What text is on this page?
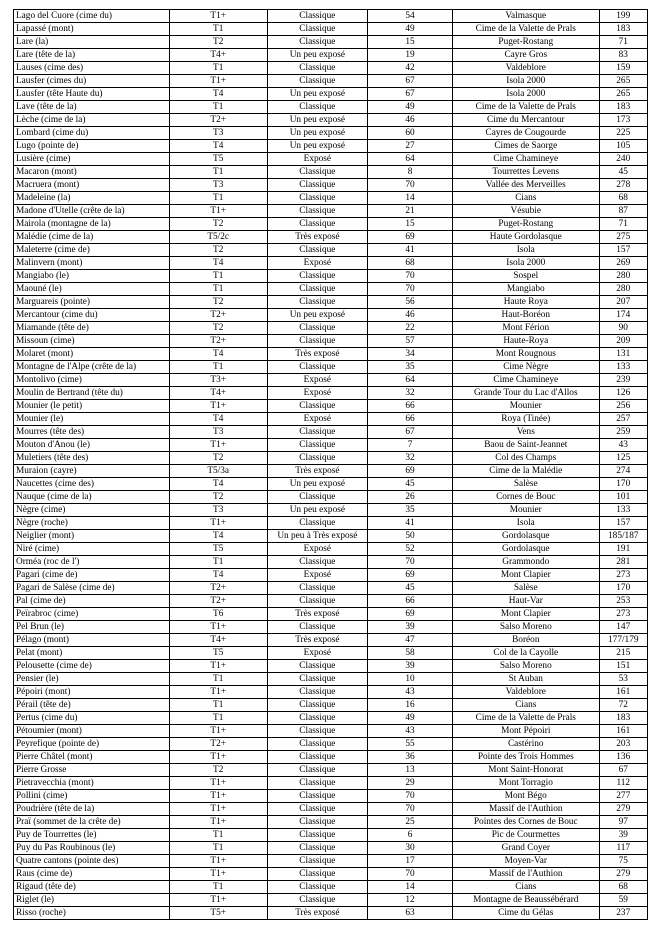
Lago del Cuore (cime du)	T1+	Classique	54	Valmasque	199
Lapassé (mont)	T1	Classique	49	Cime de la Valette de Prals	183
Lare (la)	T2	Classique	15	Puget-Rostang	71
Lare (tête de la)	T4+	Un peu exposé	19	Cayre Gros	83
Lauses (cime des)	T1	Classique	42	Valdeblore	159
Lausfer (cimes du)	T1+	Classique	67	Isola 2000	265
Lausfer (tête Haute du)	T4	Un peu exposé	67	Isola 2000	265
Lave (tête de la)	T1	Classique	49	Cime de la Valette de Prals	183
Lèche (cime de la)	T2+	Un peu exposé	46	Cime du Mercantour	173
Lombard (cime du)	T3	Un peu exposé	60	Cayres de Cougourde	225
Lugo (pointe de)	T4	Un peu exposé	27	Cimes de Saorge	105
Lusière (cime)	T5	Exposé	64	Cime Chamineye	240
Macaron (mont)	T1	Classique	8	Tourrettes Levens	45
Macruera (mont)	T3	Classique	70	Vallée des Merveilles	278
Madeleine (la)	T1	Classique	14	Cians	68
Madone d'Utelle (crête de la)	T1+	Classique	21	Vésubie	87
Mairola (montagne de la)	T2	Classique	15	Puget-Rostang	71
Malédie (cime de la)	T5/2c	Très exposé	69	Haute Gordolasque	275
Maleterre (cime de)	T2	Classique	41	Isola	157
Malinvern (mont)	T4	Exposé	68	Isola 2000	269
Mangiabo (le)	T1	Classique	70	Sospel	280
Maouné (le)	T1	Classique	70	Mangiabo	280
Marguareis (pointe)	T2	Classique	56	Haute Roya	207
Mercantour (cime du)	T2+	Un peu exposé	46	Haut-Boréon	174
Miamande (tête de)	T2	Classique	22	Mont Férion	90
Missoun (cime)	T2+	Classique	57	Haute-Roya	209
Molaret (mont)	T4	Très exposé	34	Mont Rougnous	131
Montagne de l'Alpe (crête de la)	T1	Classique	35	Cime Nègre	133
Montolivo (cime)	T3+	Exposé	64	Cime Chamineye	239
Moulin de Bertrand (tête du)	T4+	Exposé	32	Grande Tour du Lac d'Allos	126
Mounier (le petit)	T1+	Classique	66	Mounier	256
Mounier (le)	T4	Exposé	66	Roya (Tinée)	257
Mourres (tête des)	T3	Classique	67	Vens	259
Mouton d'Anou (le)	T1+	Classique	7	Baou de Saint-Jeannet	43
Muletiers (tête des)	T2	Classique	32	Col des Champs	125
Muraion (cayre)	T5/3a	Très exposé	69	Cime de la Malédie	274
Naucettes (cime des)	T4	Un peu exposé	45	Salèse	170
Nauque (cime de la)	T2	Classique	26	Cornes de Bouc	101
Nègre (cime)	T3	Un peu exposé	35	Mounier	133
Nègre (roche)	T1+	Classique	41	Isola	157
Neiglier (mont)	T4	Un peu à Très exposé	50	Gordolasque	185/187
Niré (cime)	T5	Exposé	52	Gordolasque	191
Orméa (roc de l')	T1	Classique	70	Grammondo	281
Pagari (cime de)	T4	Exposé	69	Mont Clapier	273
Pagari de Salèse (cime de)	T2+	Classique	45	Salèse	170
Pal (cime de)	T2+	Classique	66	Haut-Var	253
Peïrabroc (cime)	T6	Très exposé	69	Mont Clapier	273
Pel Brun (le)	T1+	Classique	39	Salso Moreno	147
Pélago (mont)	T4+	Très exposé	47	Boréon	177/179
Pelat (mont)	T5	Exposé	58	Col de la Cayolle	215
Pelousette (cime de)	T1+	Classique	39	Salso Moreno	151
Pensier (le)	T1	Classique	10	St Auban	53
Pépoiri (mont)	T1+	Classique	43	Valdeblore	161
Pérail (tête de)	T1	Classique	16	Cians	72
Pertus (cime du)	T1	Classique	49	Cime de la Valette de Prals	183
Pétoumier (mont)	T1+	Classique	43	Mont Pépoiri	161
Peyrefique (pointe de)	T2+	Classique	55	Castérino	203
Pierre Châtel (mont)	T1+	Classique	36	Pointe des Trois Hommes	136
Pierre Grosse	T2	Classique	13	Mont Saint-Honorat	67
Pietravecchia (mont)	T1+	Classique	29	Mont Torragio	112
Pollini (cime)	T1+	Classique	70	Mont Bégo	277
Poudrière (tête de la)	T1+	Classique	70	Massif de l'Authion	279
Praï (sommet de la crête de)	T1+	Classique	25	Pointes des Cornes de Bouc	97
Puy de Tourrettes (le)	T1	Classique	6	Pic de Courmettes	39
Puy du Pas Roubinous (le)	T1	Classique	30	Grand Coyer	117
Quatre cantons (pointe des)	T1+	Classique	17	Moyen-Var	75
Raus (cime de)	T1+	Classique	70	Massif de l'Authion	279
Rigaud (tête de)	T1	Classique	14	Cians	68
Riglet (le)	T1+	Classique	12	Montagne de Beaussébérard	59
Risso (roche)	T5+	Très exposé	63	Cime du Gélas	237
